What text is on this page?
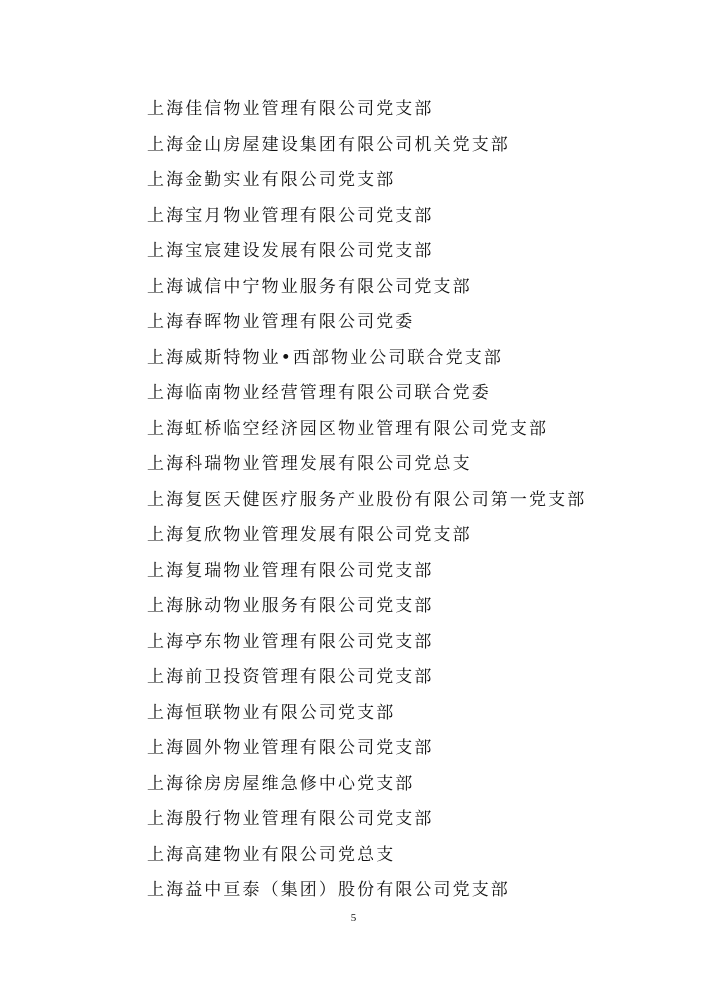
上海佳信物业管理有限公司党支部
上海金山房屋建设集团有限公司机关党支部
上海金勤实业有限公司党支部
上海宝月物业管理有限公司党支部
上海宝宸建设发展有限公司党支部
上海诚信中宁物业服务有限公司党支部
上海春晖物业管理有限公司党委
上海威斯特物业•西部物业公司联合党支部
上海临南物业经营管理有限公司联合党委
上海虹桥临空经济园区物业管理有限公司党支部
上海科瑞物业管理发展有限公司党总支
上海复医天健医疗服务产业股份有限公司第一党支部
上海复欣物业管理发展有限公司党支部
上海复瑞物业管理有限公司党支部
上海脉动物业服务有限公司党支部
上海亭东物业管理有限公司党支部
上海前卫投资管理有限公司党支部
上海恒联物业有限公司党支部
上海圆外物业管理有限公司党支部
上海徐房房屋维急修中心党支部
上海殷行物业管理有限公司党支部
上海高建物业有限公司党总支
上海益中亘泰（集团）股份有限公司党支部
5
